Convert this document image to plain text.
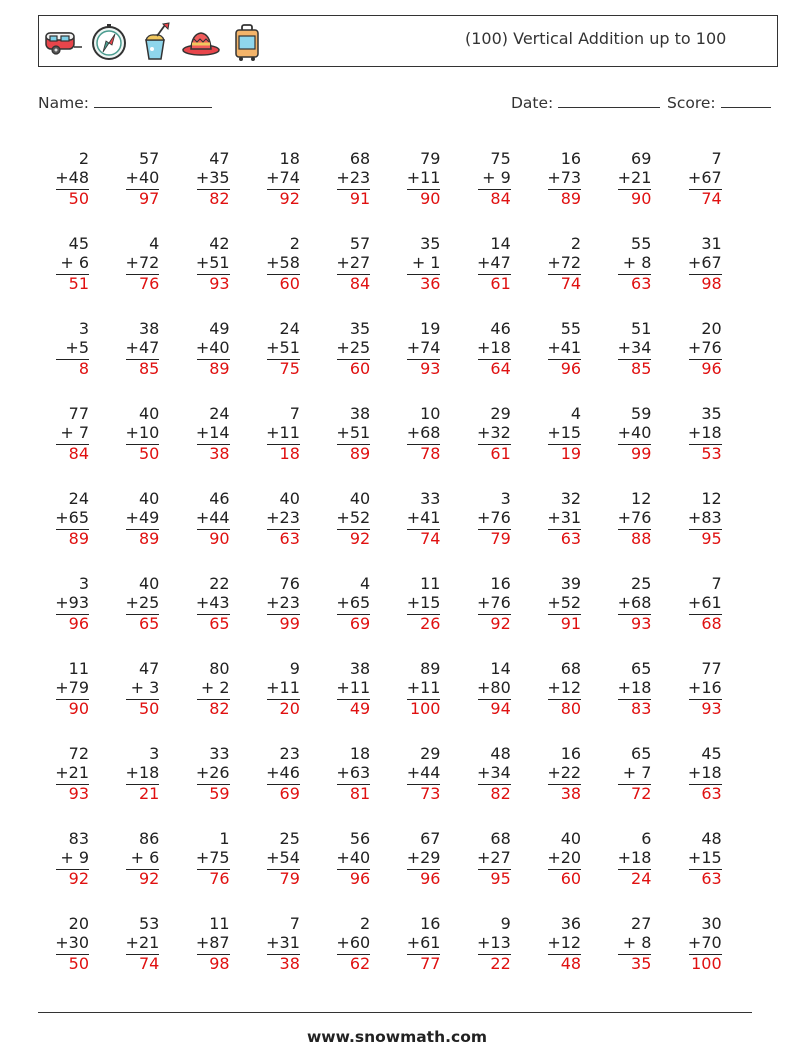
(100) Vertical Addition up to 100
Name:	Date:	Score:
2
+48
50
57
+40
97
47
+35
82
18
+74
92
68
+23
91
79
+11
90
75
+ 9
84
16
+73
89
69
+21
90
7
+67
74
45
+ 6
51
4
+72
76
42
+51
93
2
+58
60
57
+27
84
35
+ 1
36
14
+47
61
2
+72
74
55
+ 8
63
31
+67
98
3
+5
8
38
+47
85
49
+40
89
24
+51
75
35
+25
60
19
+74
93
46
+18
64
55
+41
96
51
+34
85
20
+76
96
77
+ 7
84
40
+10
50
24
+14
38
7
+11
18
38
+51
89
10
+68
78
29
+32
61
4
+15
19
59
+40
99
35
+18
53
24
+65
89
40
+49
89
46
+44
90
40
+23
63
40
+52
92
33
+41
74
3
+76
79
32
+31
63
12
+76
88
12
+83
95
3
+93
96
40
+25
65
22
+43
65
76
+23
99
4
+65
69
11
+15
26
16
+76
92
39
+52
91
25
+68
93
7
+61
68
11
+79
90
47
+ 3
50
80
+ 2
82
9
+11
20
38
+11
49
89
+11
100
14
+80
94
68
+12
80
65
+18
83
77
+16
93
72
+21
93
3
+18
21
33
+26
59
23
+46
69
18
+63
81
29
+44
73
48
+34
82
16
+22
38
65
+ 7
72
45
+18
63
83
+ 9
92
86
+ 6
92
1
+75
76
25
+54
79
56
+40
96
67
+29
96
68
+27
95
40
+20
60
6
+18
24
48
+15
63
20
+30
50
53
+21
74
11
+87
98
7
+31
38
2
+60
62
16
+61
77
9
+13
22
36
+12
48
27
+ 8
35
30
+70
100
www.snowmath.com
